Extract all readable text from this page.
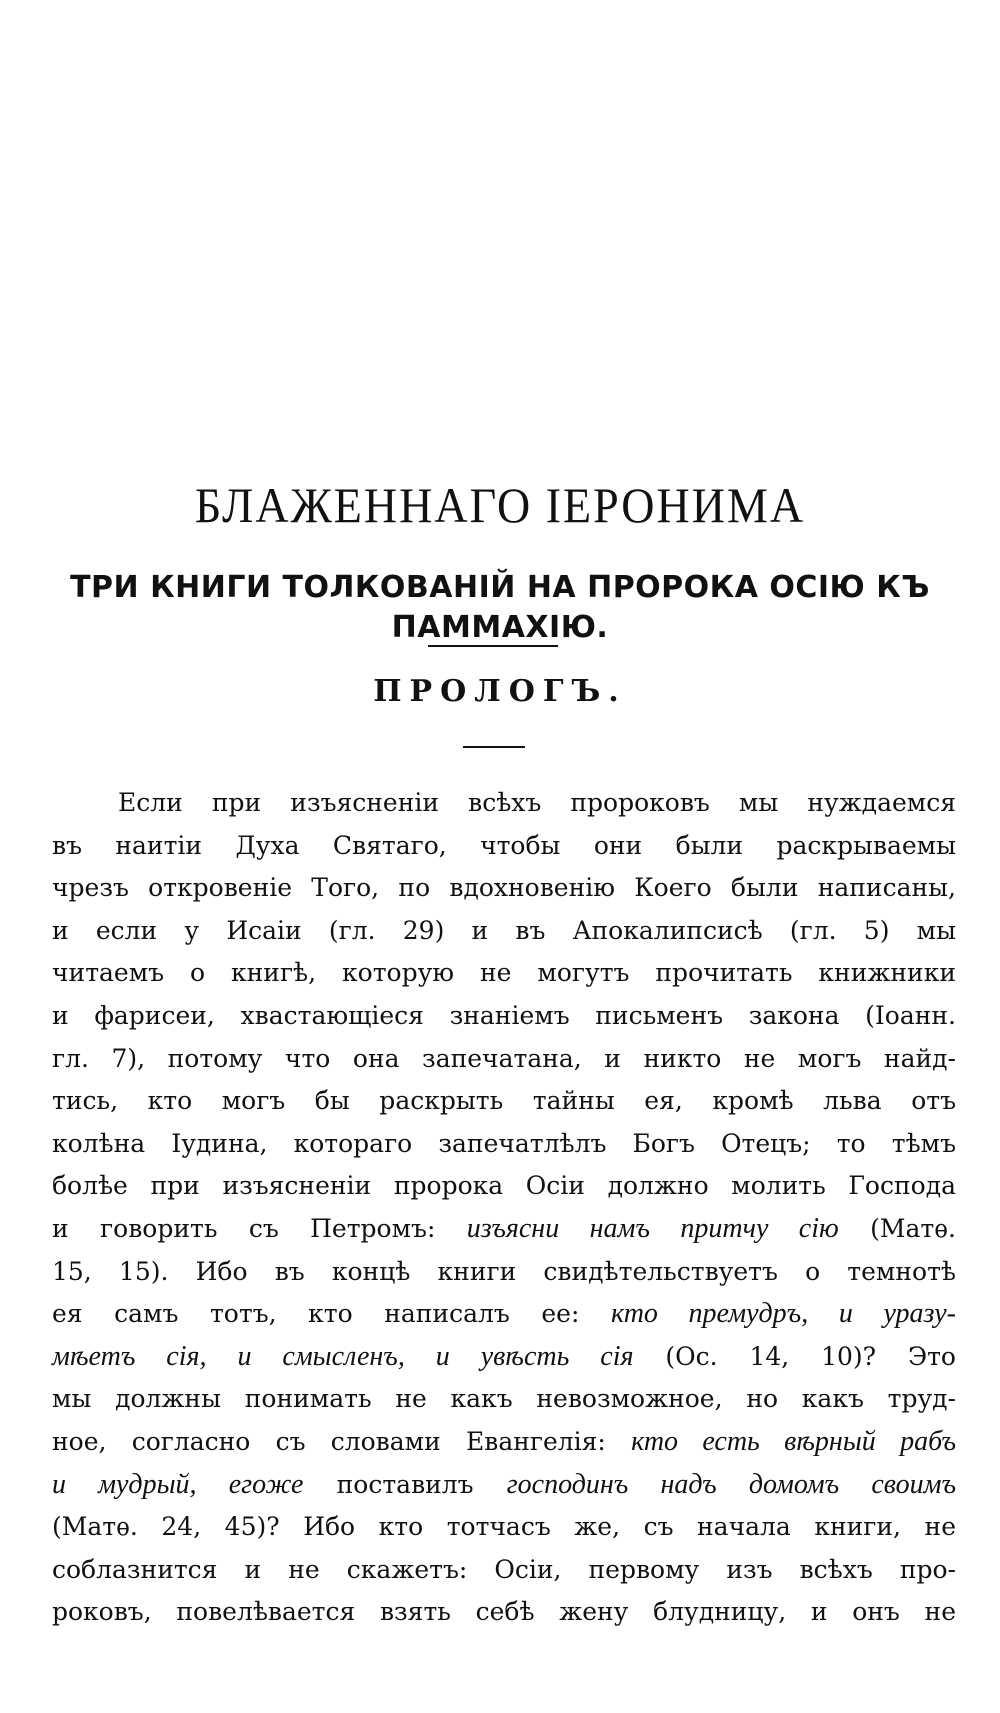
БЛАЖЕННАГО ІЕРОНИМА
ТРИ КНИГИ ТОЛКОВАНІЙ НА ПРОРОКА ОСІЮ КЪ ПАММАХІЮ.
ПРОЛОГЪ.
Если при изъясненіи всѣхъ пророковъ мы нуждаемся
въ наитіи Духа Святаго, чтобы они были раскрываемы
чрезъ откровеніе Того, по вдохновенію Коего были написаны,
и если у Исаіи (гл. 29) и въ Апокалипсисѣ (гл. 5) мы
читаемъ о книгѣ, которую не могутъ прочитать книжники
и фарисеи, хвастающіеся знаніемъ письменъ закона (Іоанн.
гл. 7), потому что она запечатана, и никто не могъ найд-
тись, кто могъ бы раскрыть тайны ея, кромѣ льва отъ
колѣна Іудина, котораго запечатлѣлъ Богъ Отецъ; то тѣмъ
болѣе при изъясненіи пророка Осіи должно молить Господа
и говорить съ Петромъ: изъясни намъ притчу сію (Матѳ.
15, 15). Ибо въ концѣ книги свидѣтельствуетъ о темнотѣ
ея самъ тотъ, кто написалъ ее: кто премудръ, и уразу-
мѣетъ сія, и смысленъ, и увѣсть сія (Ос. 14, 10)? Это
мы должны понимать не какъ невозможное, но какъ труд-
ное, согласно съ словами Евангелія: кто есть вѣрный рабъ
и мудрый, егоже поставилъ господинъ надъ домомъ своимъ
(Матѳ. 24, 45)? Ибо кто тотчасъ же, съ начала книги, не
соблазнится и не скажетъ: Осіи, первому изъ всѣхъ про-
роковъ, повелѣвается взять себѣ жену блудницу, и онъ не
